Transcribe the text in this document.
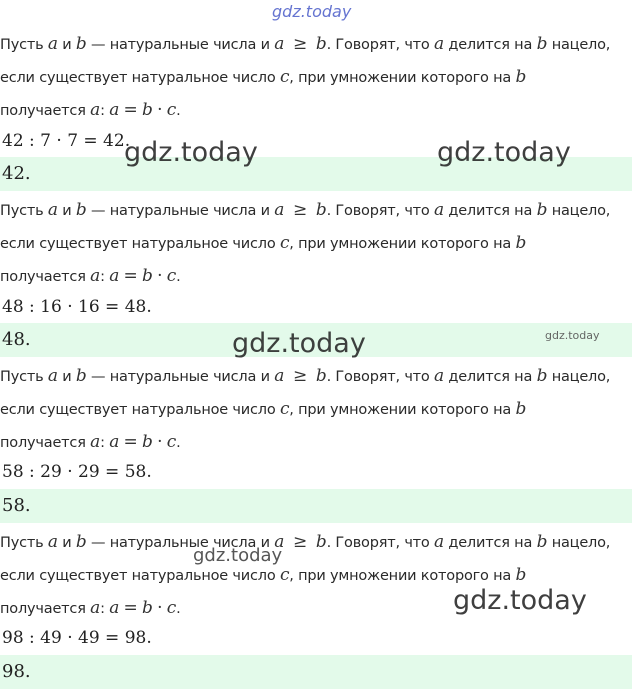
gdz.today
Пусть a и b — натуральные числа и a ≥ b. Говорят, что a делится на b нацело,
если существует натуральное число c, при умножении которого на b
получается a: a = b · c.
42 : 7 · 7 = 42.
42.
Пусть a и b — натуральные числа и a ≥ b. Говорят, что a делится на b нацело,
если существует натуральное число c, при умножении которого на b
получается a: a = b · c.
48 : 16 · 16 = 48.
48.
Пусть a и b — натуральные числа и a ≥ b. Говорят, что a делится на b нацело,
если существует натуральное число c, при умножении которого на b
получается a: a = b · c.
58 : 29 · 29 = 58.
58.
Пусть a и b — натуральные числа и a ≥ b. Говорят, что a делится на b нацело,
если существует натуральное число c, при умножении которого на b
получается a: a = b · c.
98 : 49 · 49 = 98.
98.
gdz.today	gdz.today
gdz.today	gdz.today
gdz.today
gdz.today
